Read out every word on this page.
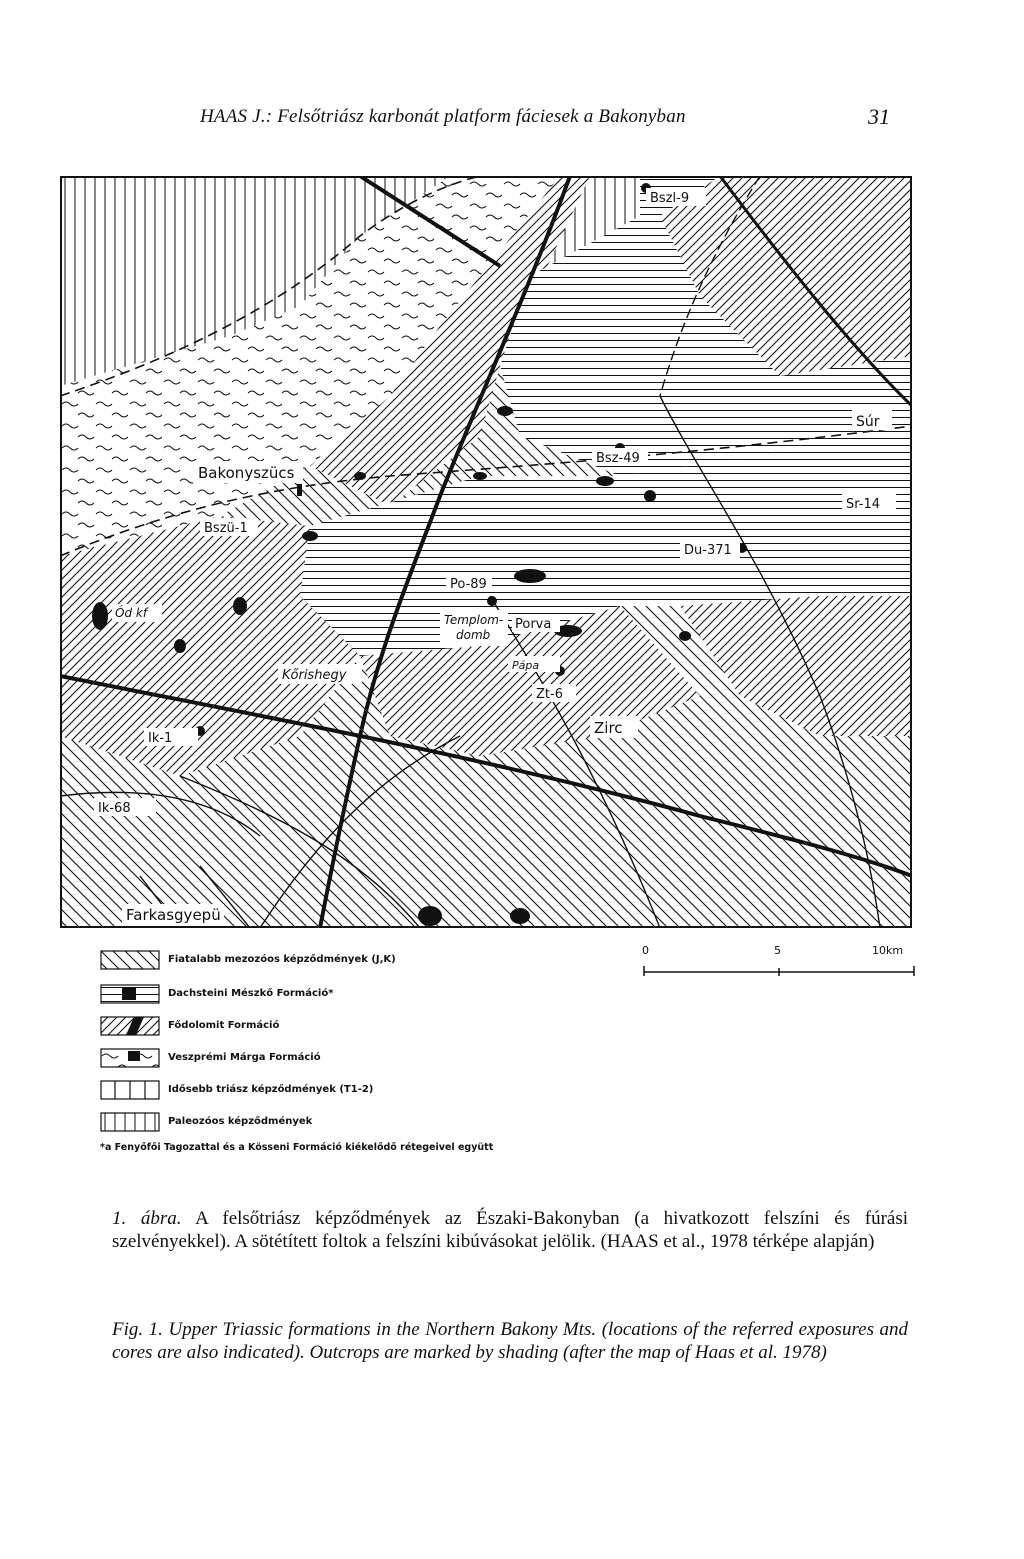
HAAS J.: Felsőtriász karbonát platform fáciesek a Bakonyban	31
Bakonyszücs
Bszü-1
Bszl-9
Bsz-49
Súr
Sr-14
Du-371
Po-89
Templom-
domb
Porva
Pápa
Zt-6
Zirc
Kőrishegy
Ik-1
Ik-68
Farkasgyepü
Ód kf
0	5	10km
Fiatalabb mezozóos képződmények (J,K)
Dachsteini Mészkő Formáció*
Fődolomit Formáció
Veszprémi Márga Formáció
Idősebb triász képződmények (T1-2)
Paleozóos képződmények
*a Fenyőfői Tagozattal és a Kösseni Formáció kiékelődő rétegeivel együtt
1. ábra. A felsőtriász képződmények az Északi-Bakonyban (a hivatkozott felszíni és fúrási szelvényekkel). A sötétített foltok a felszíni kibúvásokat jelölik. (HAAS et al., 1978 térképe alapján)
Fig. 1. Upper Triassic formations in the Northern Bakony Mts. (locations of the referred exposures and cores are also indicated). Outcrops are marked by shading (after the map of Haas et al. 1978)
